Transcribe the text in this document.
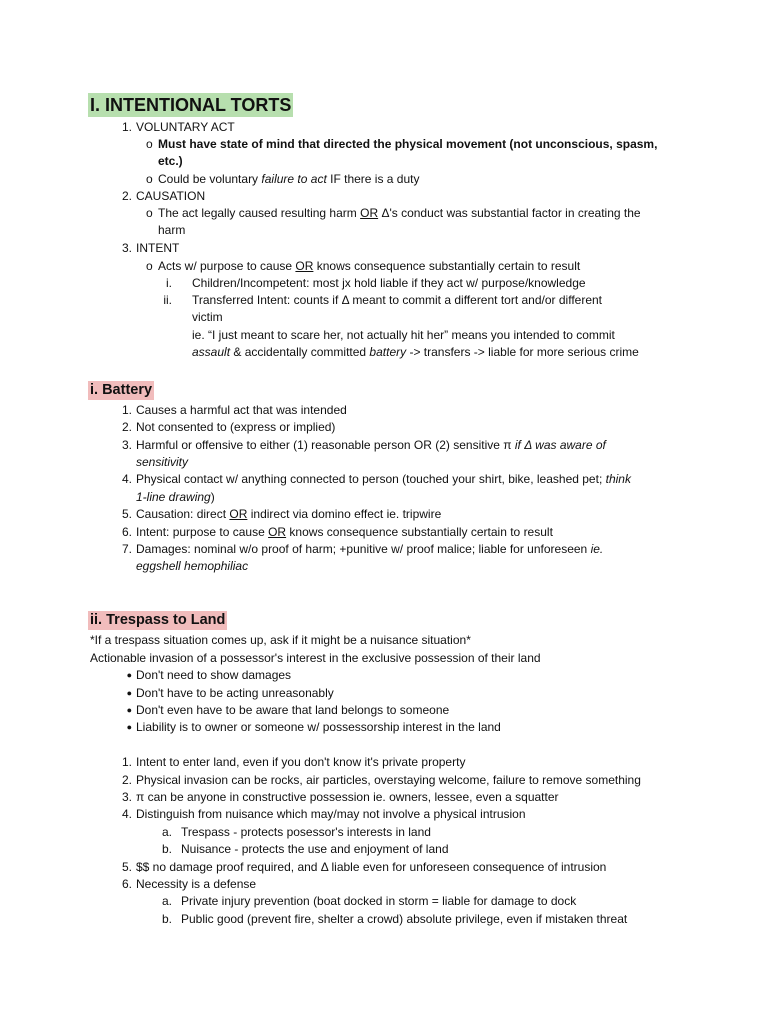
I. INTENTIONAL TORTS
1. VOLUNTARY ACT
o Must have state of mind that directed the physical movement (not unconscious, spasm,
etc.)
o Could be voluntary failure to act IF there is a duty
2. CAUSATION
o The act legally caused resulting harm OR Δ's conduct was substantial factor in creating the
harm
3. INTENT
o Acts w/ purpose to cause OR knows consequence substantially certain to result
i. Children/Incompetent: most jx hold liable if they act w/ purpose/knowledge
ii. Transferred Intent: counts if Δ meant to commit a different tort and/or different
victim
ie. “I just meant to scare her, not actually hit her” means you intended to commit
assault & accidentally committed battery -> transfers -> liable for more serious crime
i. Battery
1. Causes a harmful act that was intended
2. Not consented to (express or implied)
3. Harmful or offensive to either (1) reasonable person OR (2) sensitive π if Δ was aware of
sensitivity
4. Physical contact w/ anything connected to person (touched your shirt, bike, leashed pet; think
1-line drawing)
5. Causation: direct OR indirect via domino effect ie. tripwire
6. Intent: purpose to cause OR knows consequence substantially certain to result
7. Damages: nominal w/o proof of harm; +punitive w/ proof malice; liable for unforeseen ie.
eggshell hemophiliac
ii. Trespass to Land
*If a trespass situation comes up, ask if it might be a nuisance situation*
Actionable invasion of a possessor's interest in the exclusive possession of their land
● Don't need to show damages
● Don't have to be acting unreasonably
● Don't even have to be aware that land belongs to someone
● Liability is to owner or someone w/ possessorship interest in the land
1. Intent to enter land, even if you don't know it's private property
2. Physical invasion can be rocks, air particles, overstaying welcome, failure to remove something
3. π can be anyone in constructive possession ie. owners, lessee, even a squatter
4. Distinguish from nuisance which may/may not involve a physical intrusion
a. Trespass - protects posessor's interests in land
b. Nuisance - protects the use and enjoyment of land
5. $$ no damage proof required, and Δ liable even for unforeseen consequence of intrusion
6. Necessity is a defense
a. Private injury prevention (boat docked in storm = liable for damage to dock
b. Public good (prevent fire, shelter a crowd) absolute privilege, even if mistaken threat
